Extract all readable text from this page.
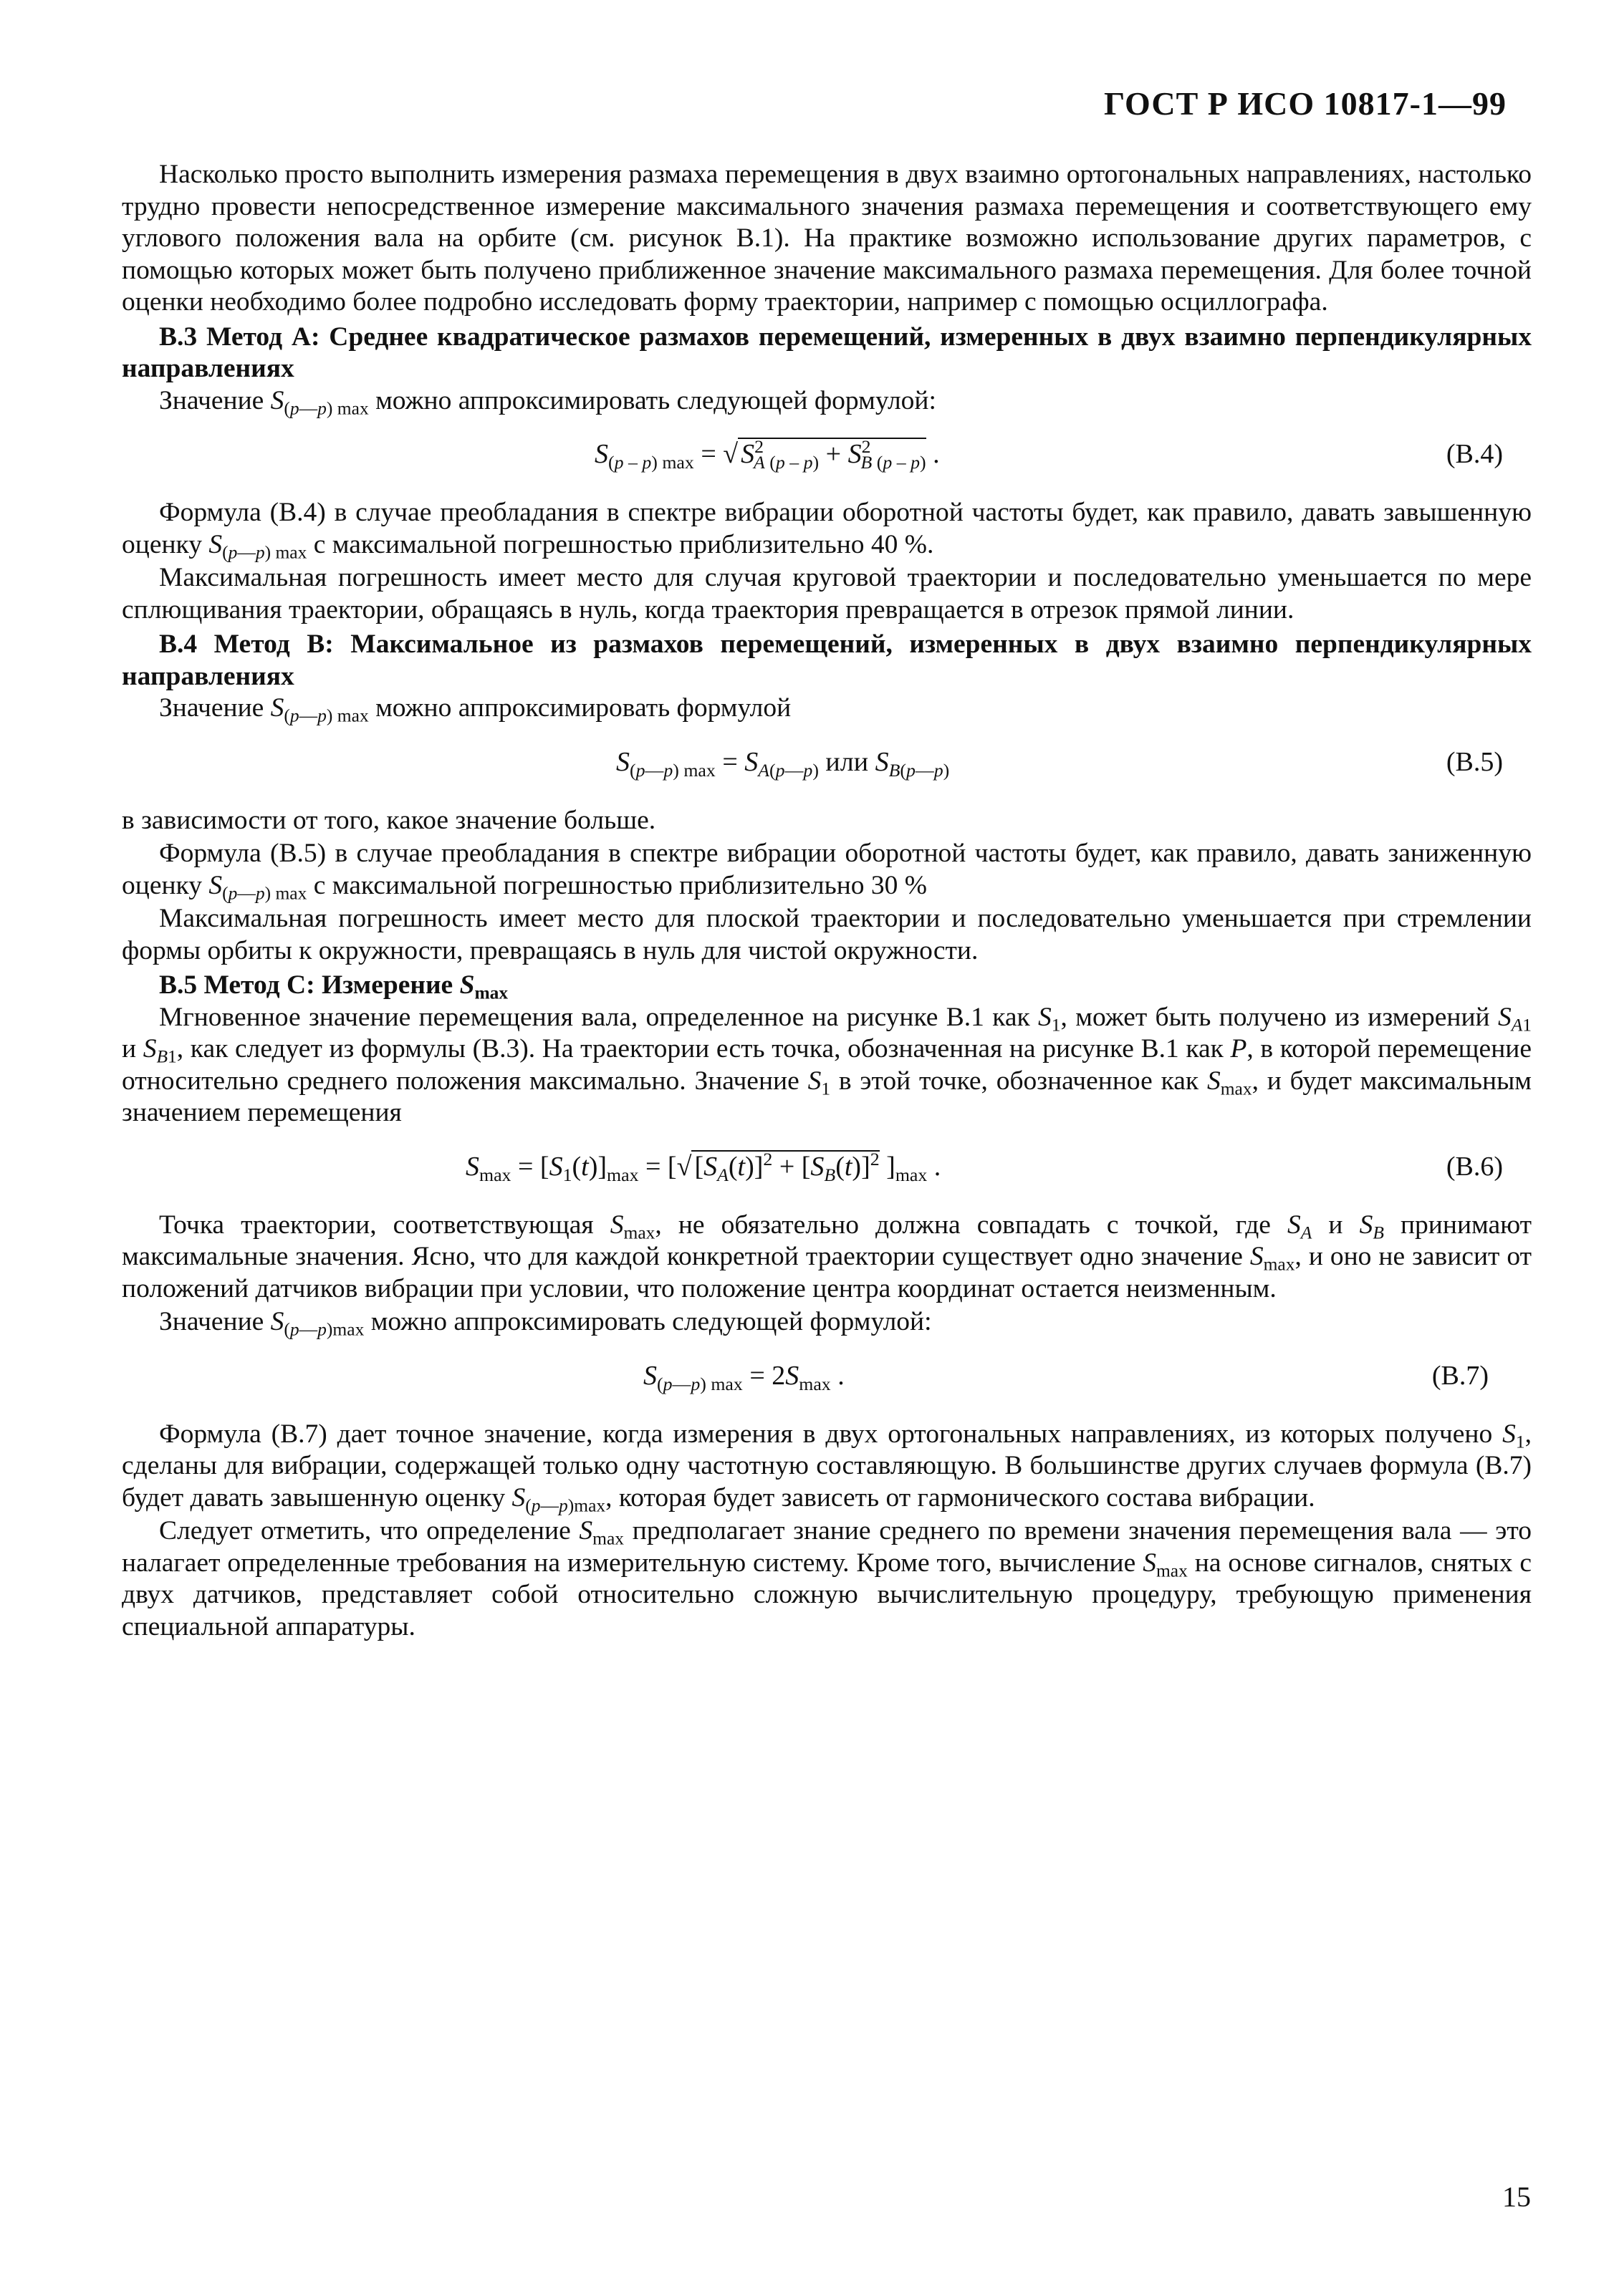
ГОСТ Р ИСО 10817-1—99

Насколько просто выполнить измерения размаха перемещения в двух взаимно ортогональных направлениях, настолько трудно провести непосредственное измерение максимального значения размаха перемещения и соответствующего ему углового положения вала на орбите (см. рисунок В.1). На практике возможно использование других параметров, с помощью которых может быть получено приближенное значение максимального размаха перемещения. Для более точной оценки необходимо более подробно исследовать форму траектории, например с помощью осциллографа.

В.3 Метод А: Среднее квадратическое размахов перемещений, измеренных в двух взаимно перпендикулярных направлениях

Значение $S_{(p—p) max}$ можно аппроксимировать следующей формулой:

$S_{(p - p) max}$ = √ $S^2_{A (p - p)} + S^2_{B (p - p)}$ .	(В.4)

Формула (В.4) в случае преобладания в спектре вибрации оборотной частоты будет, как правило, давать завышенную оценку $S_{(p—p) max}$ с максимальной погрешностью приблизительно 40 %.

Максимальная погрешность имеет место для случая круговой траектории и последовательно уменьшается по мере сплющивания траектории, обращаясь в нуль, когда траектория превращается в отрезок прямой линии.

В.4 Метод В: Максимальное из размахов перемещений, измеренных в двух взаимно перпендикулярных направлениях

Значение $S_{(p—p) max}$ можно аппроксимировать формулой

$S_{(p—p) max} = S_{A(p—p)}$ или $S_{B(p—p)}$	(В.5)

в зависимости от того, какое значение больше.

Формула (В.5) в случае преобладания в спектре вибрации оборотной частоты будет, как правило, давать заниженную оценку $S_{(p—p) max}$ с максимальной погрешностью приблизительно 30 %

Максимальная погрешность имеет место для плоской траектории и последовательно уменьшается при стремлении формы орбиты к окружности, превращаясь в нуль для чистой окружности.

В.5 Метод С: Измерение $S_{max}$

Мгновенное значение перемещения вала, определенное на рисунке В.1 как $S_1$, может быть получено из измерений $S_{A1}$ и $S_{B1}$, как следует из формулы (В.3). На траектории есть точка, обозначенная на рисунке В.1 как P, в которой перемещение относительно среднего положения максимально. Значение $S_1$ в этой точке, обозначенное как $S_{max}$, и будет максимальным значением перемещения

$S_{max} = [S_1(t)]_{max}$ = [√ $[S_A(t)]^2 + [S_B(t)]^2$ ]$_{max}$ .	(В.6)

Точка траектории, соответствующая $S_{max}$, не обязательно должна совпадать с точкой, где $S_A$ и $S_B$ принимают максимальные значения. Ясно, что для каждой конкретной траектории существует одно значение $S_{max}$, и оно не зависит от положений датчиков вибрации при условии, что положение центра координат остается неизменным.

Значение $S_{(p—p)max}$ можно аппроксимировать следующей формулой:

$S_{(p—p) max} = 2S_{max}$ .	(В.7)

Формула (В.7) дает точное значение, когда измерения в двух ортогональных направлениях, из которых получено $S_1$, сделаны для вибрации, содержащей только одну частотную составляющую. В большинстве других случаев формула (В.7) будет давать завышенную оценку $S_{(p—p)max}$, которая будет зависеть от гармонического состава вибрации.

Следует отметить, что определение $S_{max}$ предполагает знание среднего по времени значения перемещения вала — это налагает определенные требования на измерительную систему. Кроме того, вычисление $S_{max}$ на основе сигналов, снятых с двух датчиков, представляет собой относительно сложную вычислительную процедуру, требующую применения специальной аппаратуры.

15
